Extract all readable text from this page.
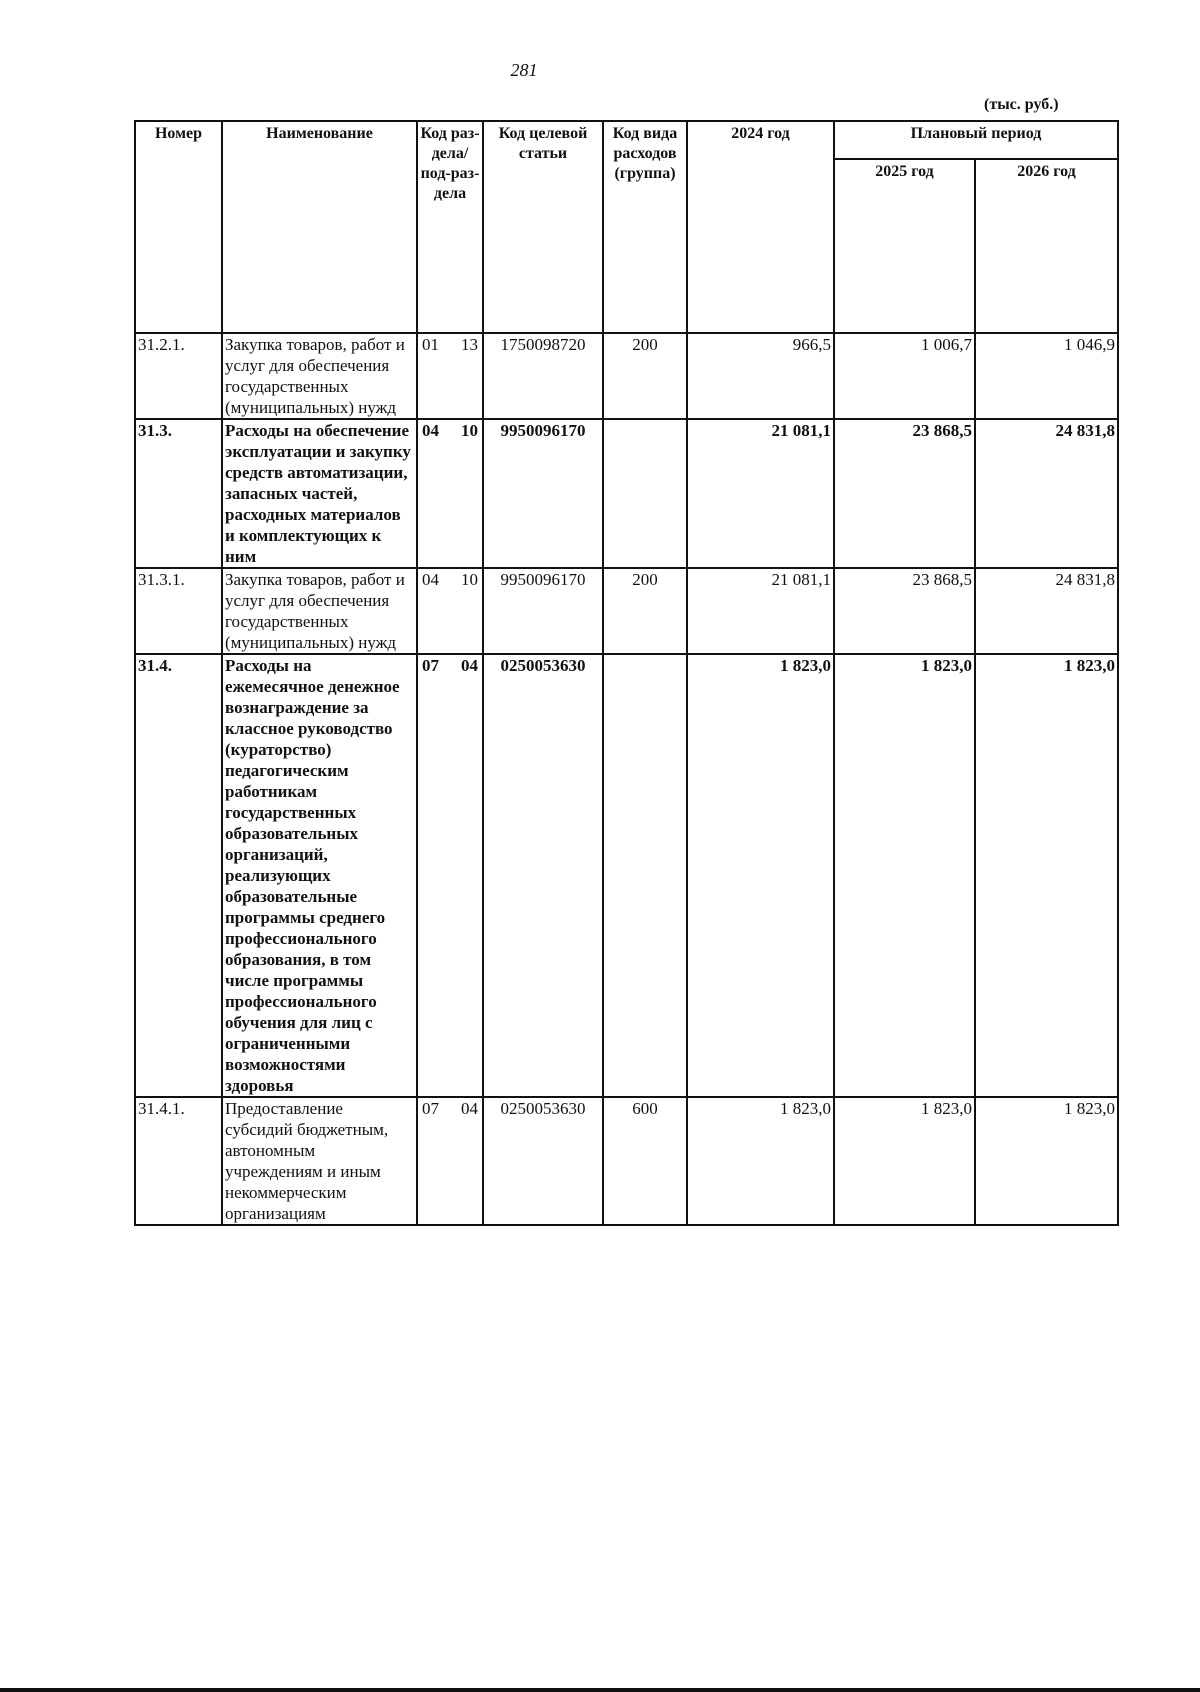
281
(тыс. руб.)
Номер	Наименование	Код раз-дела/ под-раз-дела	Код целевой статьи	Код вида расходов (группа)	2024 год	Плановый период	
						2025 год	2026 год
31.2.1.	Закупка товаров, работ и услуг для обеспечения государственных (муниципальных) нужд	01 13	1750098720	200	966,5	1 006,7	1 046,9
31.3.	Расходы на обеспечение эксплуатации и закупку средств автоматизации, запасных частей, расходных материалов и комплектующих к ним	04 10	9950096170		21 081,1	23 868,5	24 831,8
31.3.1.	Закупка товаров, работ и услуг для обеспечения государственных (муниципальных) нужд	04 10	9950096170	200	21 081,1	23 868,5	24 831,8
31.4.	Расходы на ежемесячное денежное вознаграждение за классное руководство (кураторство) педагогическим работникам государственных образовательных организаций, реализующих образовательные программы среднего профессионального образования, в том числе программы профессионального обучения для лиц с ограниченными возможностями здоровья	07 04	0250053630		1 823,0	1 823,0	1 823,0
31.4.1.	Предоставление субсидий бюджетным, автономным учреждениям и иным некоммерческим организациям	07 04	0250053630	600	1 823,0	1 823,0	1 823,0
